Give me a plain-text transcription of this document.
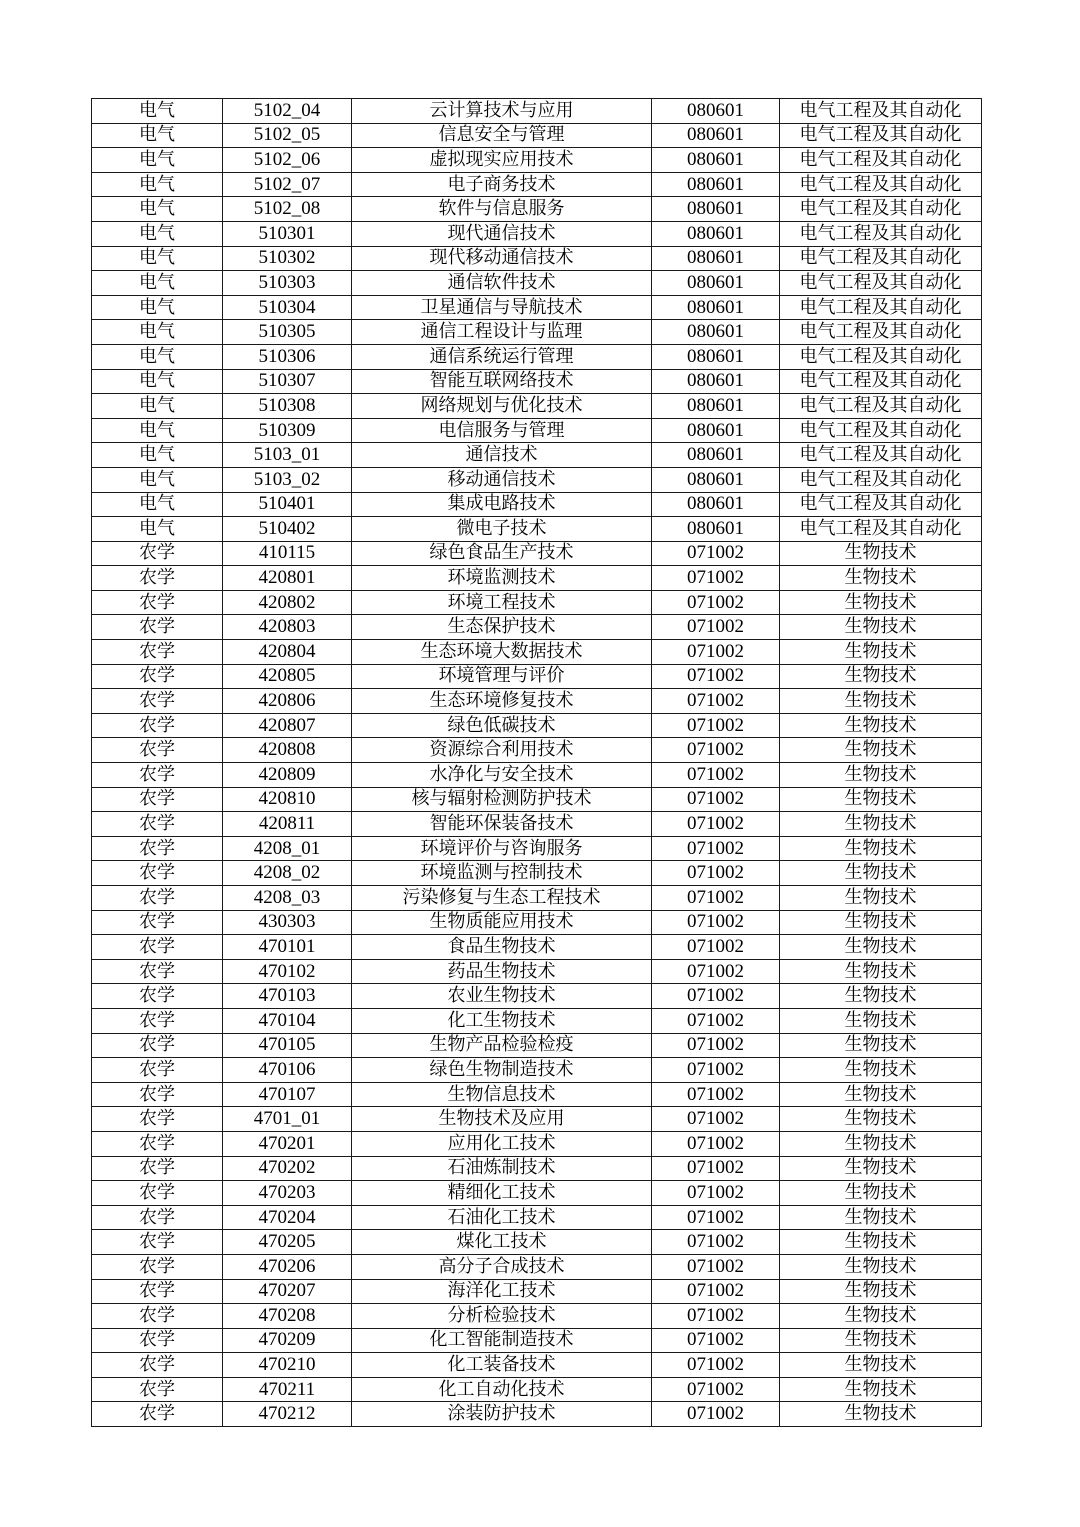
电气	5102_04	云计算技术与应用	080601	电气工程及其自动化
电气	5102_05	信息安全与管理	080601	电气工程及其自动化
电气	5102_06	虚拟现实应用技术	080601	电气工程及其自动化
电气	5102_07	电子商务技术	080601	电气工程及其自动化
电气	5102_08	软件与信息服务	080601	电气工程及其自动化
电气	510301	现代通信技术	080601	电气工程及其自动化
电气	510302	现代移动通信技术	080601	电气工程及其自动化
电气	510303	通信软件技术	080601	电气工程及其自动化
电气	510304	卫星通信与导航技术	080601	电气工程及其自动化
电气	510305	通信工程设计与监理	080601	电气工程及其自动化
电气	510306	通信系统运行管理	080601	电气工程及其自动化
电气	510307	智能互联网络技术	080601	电气工程及其自动化
电气	510308	网络规划与优化技术	080601	电气工程及其自动化
电气	510309	电信服务与管理	080601	电气工程及其自动化
电气	5103_01	通信技术	080601	电气工程及其自动化
电气	5103_02	移动通信技术	080601	电气工程及其自动化
电气	510401	集成电路技术	080601	电气工程及其自动化
电气	510402	微电子技术	080601	电气工程及其自动化
农学	410115	绿色食品生产技术	071002	生物技术
农学	420801	环境监测技术	071002	生物技术
农学	420802	环境工程技术	071002	生物技术
农学	420803	生态保护技术	071002	生物技术
农学	420804	生态环境大数据技术	071002	生物技术
农学	420805	环境管理与评价	071002	生物技术
农学	420806	生态环境修复技术	071002	生物技术
农学	420807	绿色低碳技术	071002	生物技术
农学	420808	资源综合利用技术	071002	生物技术
农学	420809	水净化与安全技术	071002	生物技术
农学	420810	核与辐射检测防护技术	071002	生物技术
农学	420811	智能环保装备技术	071002	生物技术
农学	4208_01	环境评价与咨询服务	071002	生物技术
农学	4208_02	环境监测与控制技术	071002	生物技术
农学	4208_03	污染修复与生态工程技术	071002	生物技术
农学	430303	生物质能应用技术	071002	生物技术
农学	470101	食品生物技术	071002	生物技术
农学	470102	药品生物技术	071002	生物技术
农学	470103	农业生物技术	071002	生物技术
农学	470104	化工生物技术	071002	生物技术
农学	470105	生物产品检验检疫	071002	生物技术
农学	470106	绿色生物制造技术	071002	生物技术
农学	470107	生物信息技术	071002	生物技术
农学	4701_01	生物技术及应用	071002	生物技术
农学	470201	应用化工技术	071002	生物技术
农学	470202	石油炼制技术	071002	生物技术
农学	470203	精细化工技术	071002	生物技术
农学	470204	石油化工技术	071002	生物技术
农学	470205	煤化工技术	071002	生物技术
农学	470206	高分子合成技术	071002	生物技术
农学	470207	海洋化工技术	071002	生物技术
农学	470208	分析检验技术	071002	生物技术
农学	470209	化工智能制造技术	071002	生物技术
农学	470210	化工装备技术	071002	生物技术
农学	470211	化工自动化技术	071002	生物技术
农学	470212	涂装防护技术	071002	生物技术
